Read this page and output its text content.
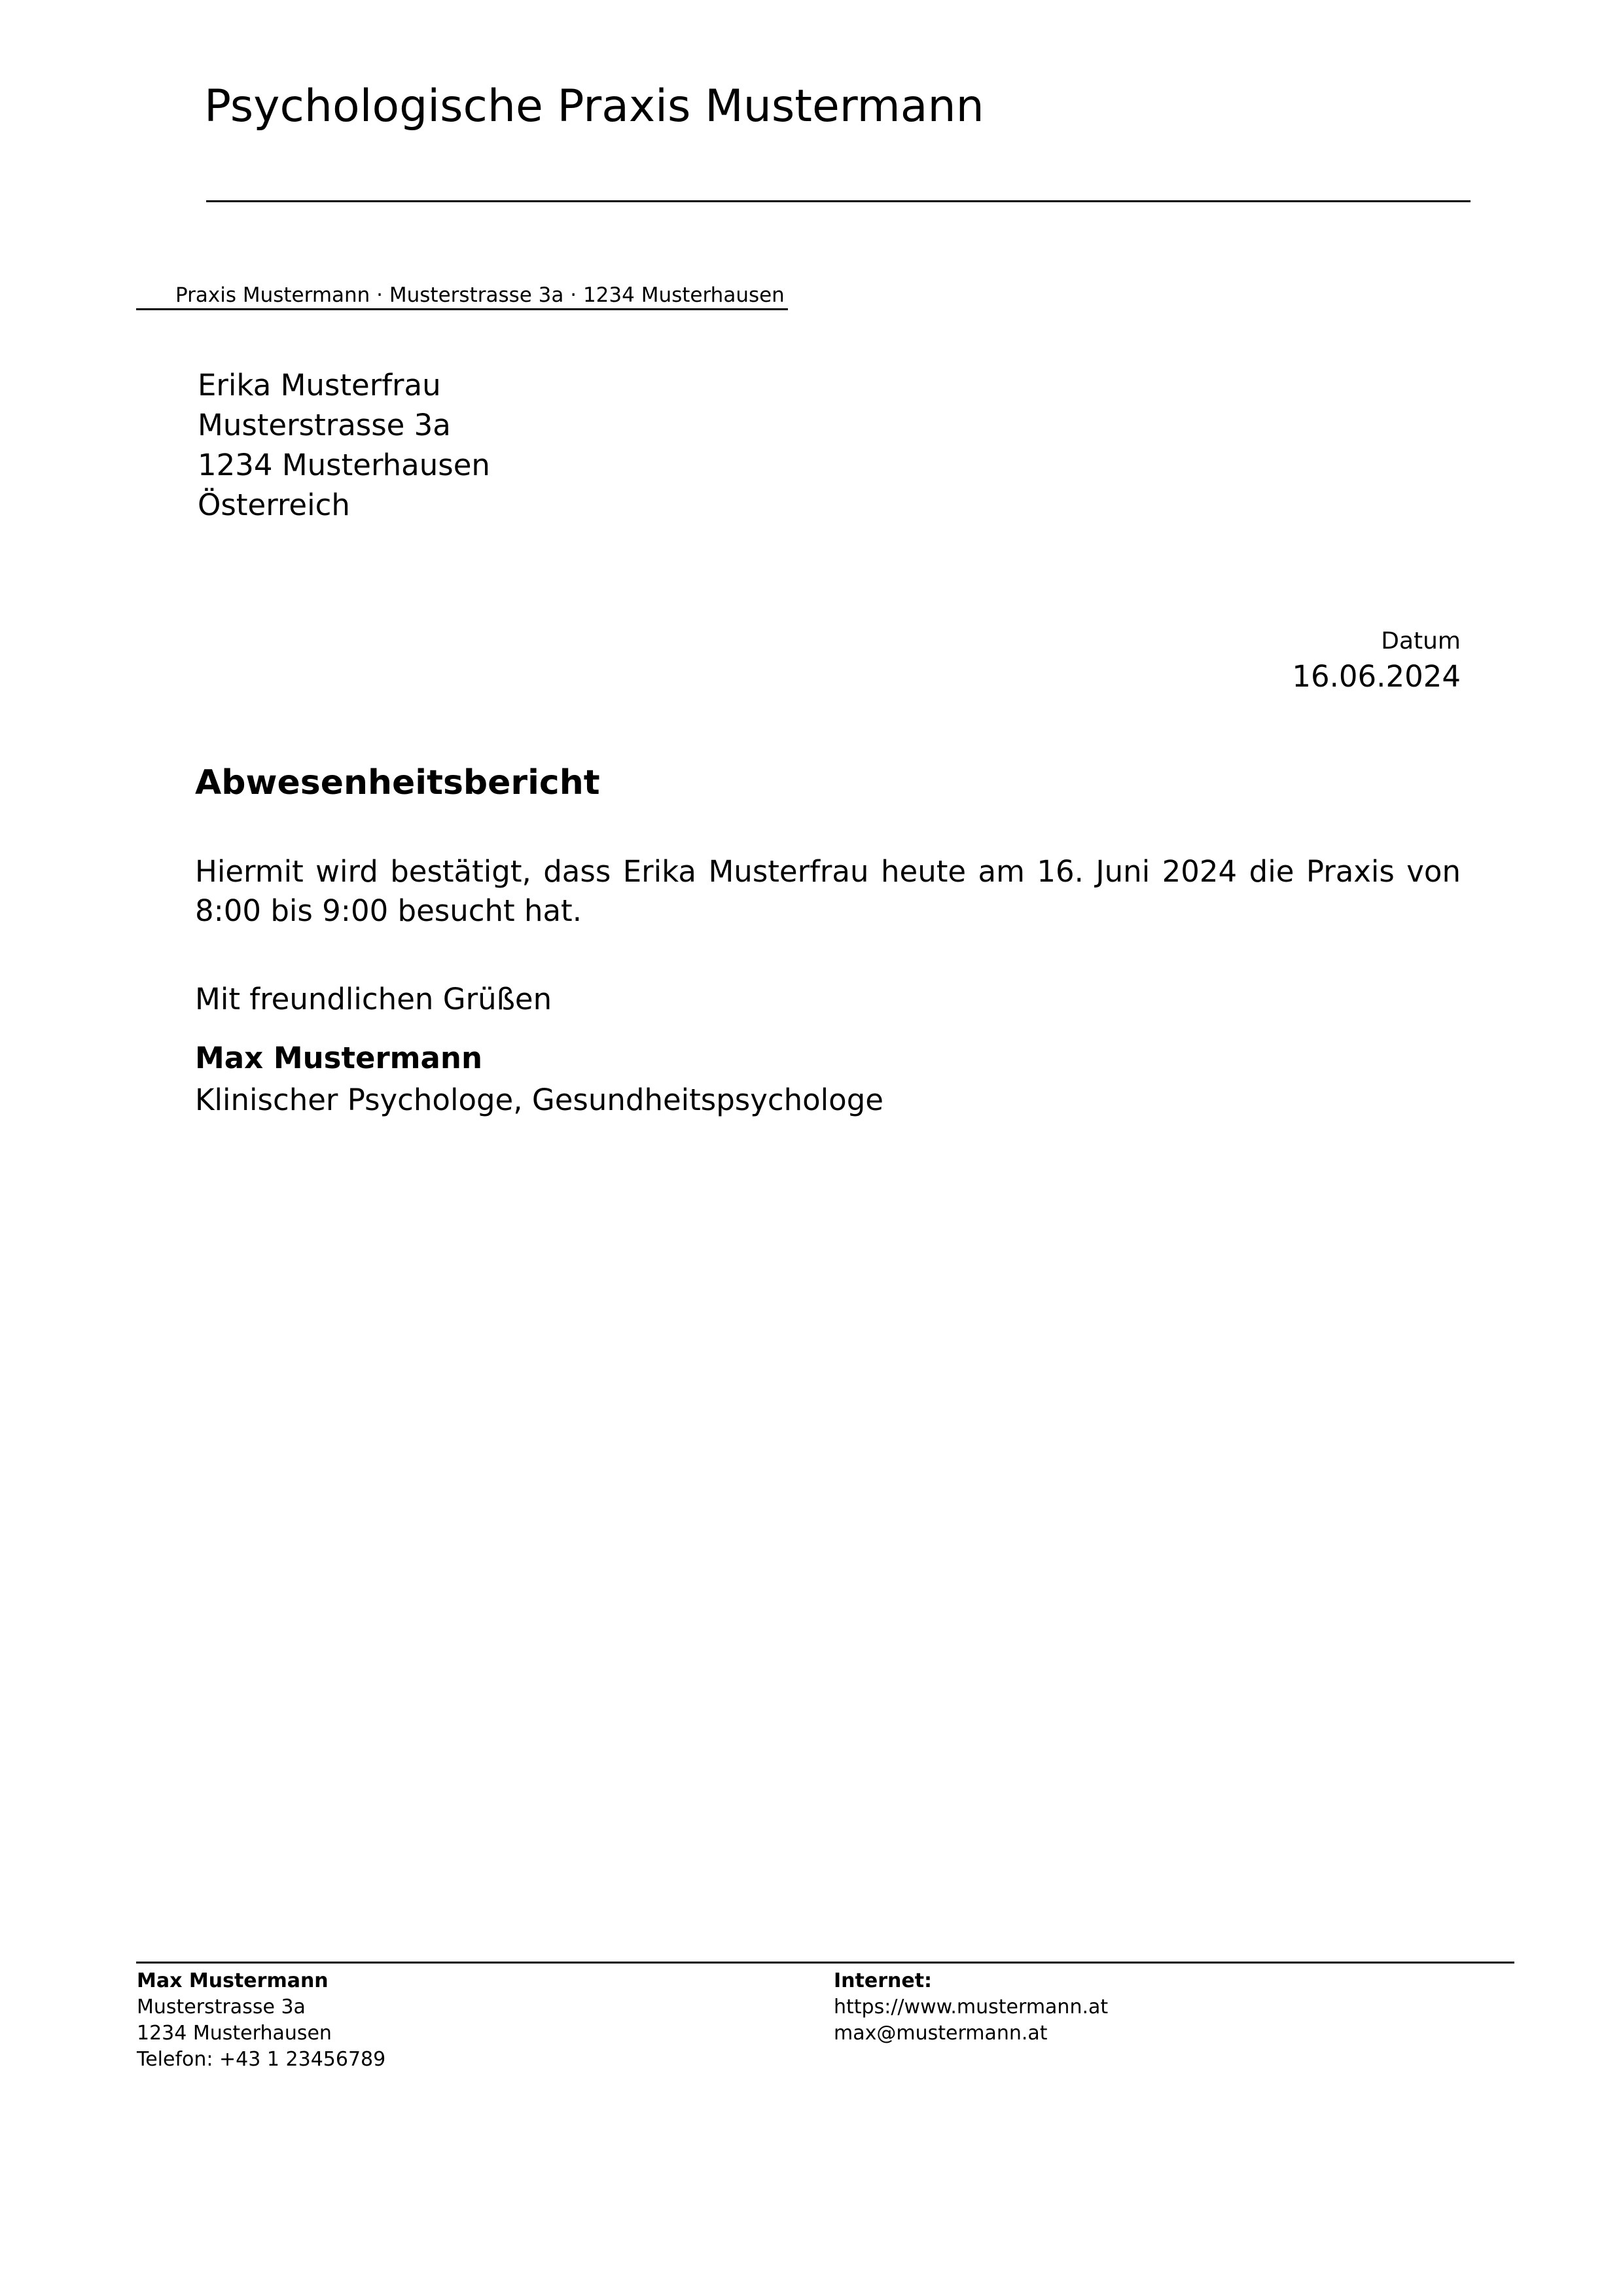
Psychologische Praxis Mustermann
Praxis Mustermann · Musterstrasse 3a · 1234 Musterhausen
Erika Musterfrau
Musterstrasse 3a
1234 Musterhausen
Österreich
Datum
16.06.2024
Abwesenheitsbericht
Hiermit wird bestätigt, dass Erika Musterfrau heute am 16. Juni 2024 die Praxis von 8:00 bis 9:00 besucht hat.
Mit freundlichen Grüßen
Max Mustermann
Klinischer Psychologe, Gesundheitspsychologe
Max Mustermann
Musterstrasse 3a
1234 Musterhausen
Telefon: +43 1 23456789
Internet:
https://www.mustermann.at
max@mustermann.at
